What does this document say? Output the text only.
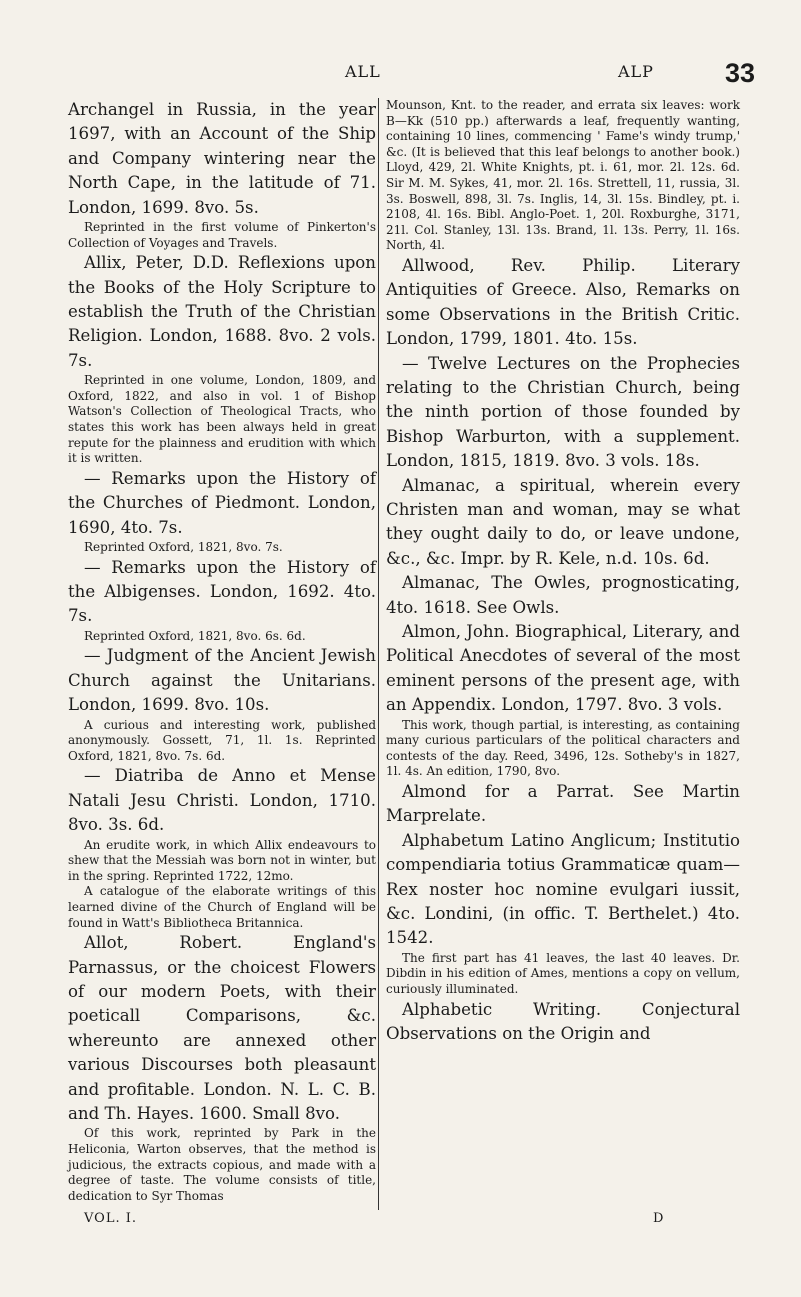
ALL	ALP	33

Archangel in Russia, in the year 1697, with an Account of the Ship and Company wintering near the North Cape, in the latitude of 71. London, 1699. 8vo. 5s.

Reprinted in the first volume of Pinkerton's Collection of Voyages and Travels.

Allix, Peter, D.D. Reflexions upon the Books of the Holy Scripture to establish the Truth of the Christian Religion. London, 1688. 8vo. 2 vols. 7s.

Reprinted in one volume, London, 1809, and Oxford, 1822, and also in vol. 1 of Bishop Watson's Collection of Theological Tracts, who states this work has been always held in great repute for the plainness and erudition with which it is written.

— Remarks upon the History of the Churches of Piedmont. London, 1690, 4to. 7s.

Reprinted Oxford, 1821, 8vo. 7s.

— Remarks upon the History of the Albigenses. London, 1692. 4to. 7s.

Reprinted Oxford, 1821, 8vo. 6s. 6d.

— Judgment of the Ancient Jewish Church against the Unitarians. London, 1699. 8vo. 10s.

A curious and interesting work, published anonymously. Gossett, 71, 1l. 1s. Reprinted Oxford, 1821, 8vo. 7s. 6d.

— Diatriba de Anno et Mense Natali Jesu Christi. London, 1710. 8vo. 3s. 6d.

An erudite work, in which Allix endeavours to shew that the Messiah was born not in winter, but in the spring. Reprinted 1722, 12mo.

A catalogue of the elaborate writings of this learned divine of the Church of England will be found in Watt's Bibliotheca Britannica.

Allot, Robert. England's Parnassus, or the choicest Flowers of our modern Poets, with their poeticall Comparisons, &c. whereunto are annexed other various Discourses both pleasaunt and profitable. London. N. L. C. B. and Th. Hayes. 1600. Small 8vo.

Of this work, reprinted by Park in the Heliconia, Warton observes, that the method is judicious, the extracts copious, and made with a degree of taste. The volume consists of title, dedication to Syr Thomas

Mounson, Knt. to the reader, and errata six leaves: work B—Kk (510 pp.) afterwards a leaf, frequently wanting, containing 10 lines, commencing ' Fame's windy trump,' &c. (It is believed that this leaf belongs to another book.) Lloyd, 429, 2l. White Knights, pt. i. 61, mor. 2l. 12s. 6d. Sir M. M. Sykes, 41, mor. 2l. 16s. Strettell, 11, russia, 3l. 3s. Boswell, 898, 3l. 7s. Inglis, 14, 3l. 15s. Bindley, pt. i. 2108, 4l. 16s. Bibl. Anglo-Poet. 1, 20l. Roxburghe, 3171, 21l. Col. Stanley, 13l. 13s. Brand, 1l. 13s. Perry, 1l. 16s. North, 4l.

Allwood, Rev. Philip. Literary Antiquities of Greece. Also, Remarks on some Observations in the British Critic. London, 1799, 1801. 4to. 15s.

— Twelve Lectures on the Prophecies relating to the Christian Church, being the ninth portion of those founded by Bishop Warburton, with a supplement. London, 1815, 1819. 8vo. 3 vols. 18s.

Almanac, a spiritual, wherein every Christen man and woman, may se what they ought daily to do, or leave undone, &c., &c. Impr. by R. Kele, n.d. 10s. 6d.

Almanac, The Owles, prognosticating, 4to. 1618. See Owls.

Almon, John. Biographical, Literary, and Political Anecdotes of several of the most eminent persons of the present age, with an Appendix. London, 1797. 8vo. 3 vols.

This work, though partial, is interesting, as containing many curious particulars of the political characters and contests of the day. Reed, 3496, 12s. Sotheby's in 1827, 1l. 4s. An edition, 1790, 8vo.

Almond for a Parrat. See Martin Marprelate.

Alphabetum Latino Anglicum; Institutio compendiaria totius Grammaticæ quam—Rex noster hoc nomine evulgari iussit, &c. Londini, (in offic. T. Berthelet.) 4to. 1542.

The first part has 41 leaves, the last 40 leaves. Dr. Dibdin in his edition of Ames, mentions a copy on vellum, curiously illuminated.

Alphabetic Writing. Conjectural Observations on the Origin and

VOL. I.	D
